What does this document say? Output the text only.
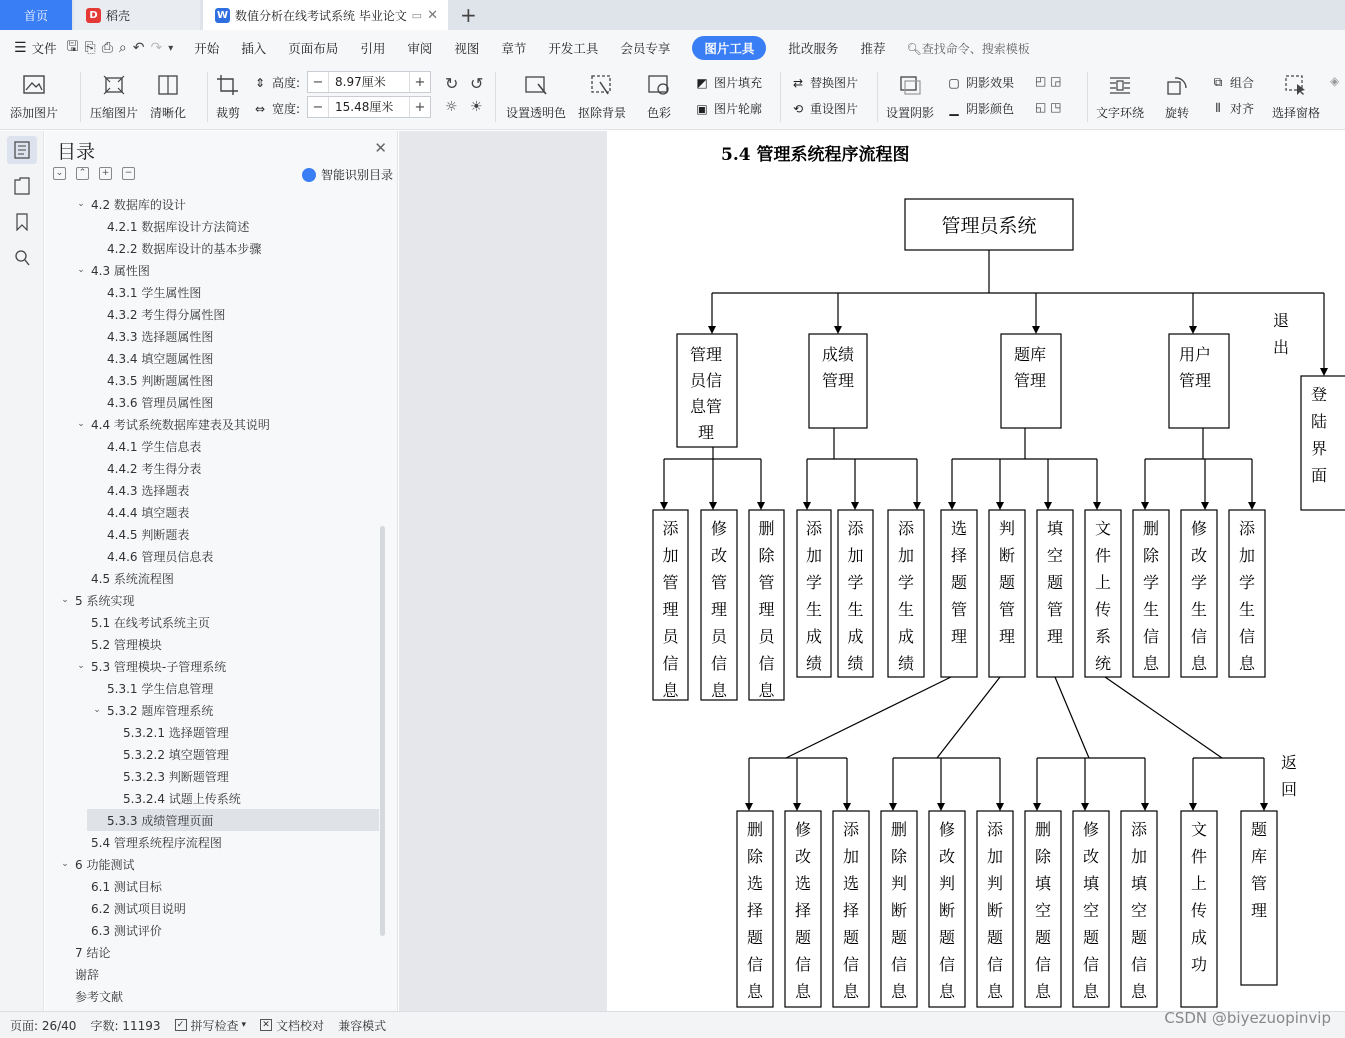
首页	D 稻壳	W 数值分析在线考试系统 毕业论文 ▭ ✕ +
☰ 文件 🖫 ⎘ ⎙ ⌕ ↶ ↷ ▾ 开始 插入 页面布局 引用 审阅 视图 章节 开发工具 会员专享	图片工具	批改服务 推荐 🔍︎查找命令、搜索模板
添加图片	压缩图片 清晰化 裁剪
⇕ 高度: − 8.97厘米	+
⇔ 宽度: − 15.48厘米	+
↻ ↺
☼ ☀ 设置透明色 抠除背景 色彩
◩ 图片填充
▣ 图片轮廓
⇄ 替换图片
⟲ 重设图片 设置阴影
▢ 阴影效果
▁ 阴影颜色
◰ ◲
◱ ◳	文字环绕 旋转
⧉ 组合
⫴ 对齐 选择窗格
◈
目录	✕
⌄	⌃	+	−	智能识别目录
⌄ 4.2 数据库的设计
4.2.1 数据库设计方法简述
4.2.2 数据库设计的基本步骤
⌄ 4.3 属性图
4.3.1 学生属性图
4.3.2 考生得分属性图
4.3.3 选择题属性图
4.3.4 填空题属性图
4.3.5 判断题属性图
4.3.6 管理员属性图
⌄ 4.4 考试系统数据库建表及其说明
4.4.1 学生信息表
4.4.2 考生得分表
4.4.3 选择题表
4.4.4 填空题表
4.4.5 判断题表
4.4.6 管理员信息表
4.5 系统流程图
⌄ 5 系统实现
5.1 在线考试系统主页
5.2 管理模块
⌄ 5.3 管理模块-子管理系统
5.3.1 学生信息管理
⌄ 5.3.2 题库管理系统
5.3.2.1 选择题管理
5.3.2.2 填空题管理
5.3.2.3 判断题管理
5.3.2.4 试题上传系统
5.3.3 成绩管理页面
5.4 管理系统程序流程图
⌄ 6 功能测试
6.1 测试目标
6.2 测试项目说明
6.3 测试评价
7 结论
谢辞
参考文献
5.4 管理系统程序流程图
管理员系统
管理
员信
息管
理
成绩
管理
题库
管理
用户
管理
登陆界面
退出
添加管理员信息
修改管理员信息
删除管理员信息
添加学生成绩
添加学生成绩
添加学生成绩
选择题管理
判断题管理
填空题管理
文件上传系统
删除学生信息
修改学生信息
添加学生信息
删除选择题信息
修改选择题信息
添加选择题信息
删除判断题信息
修改判断题信息
添加判断题信息
删除填空题信息
修改填空题信息
添加填空题信息
文件上传成功
题库管理
返回
页面: 26/40 字数: 11193 ✓ 拼写检查 ▾ ✕ 文档校对 兼容模式	CSDN @biyezuopinvip
